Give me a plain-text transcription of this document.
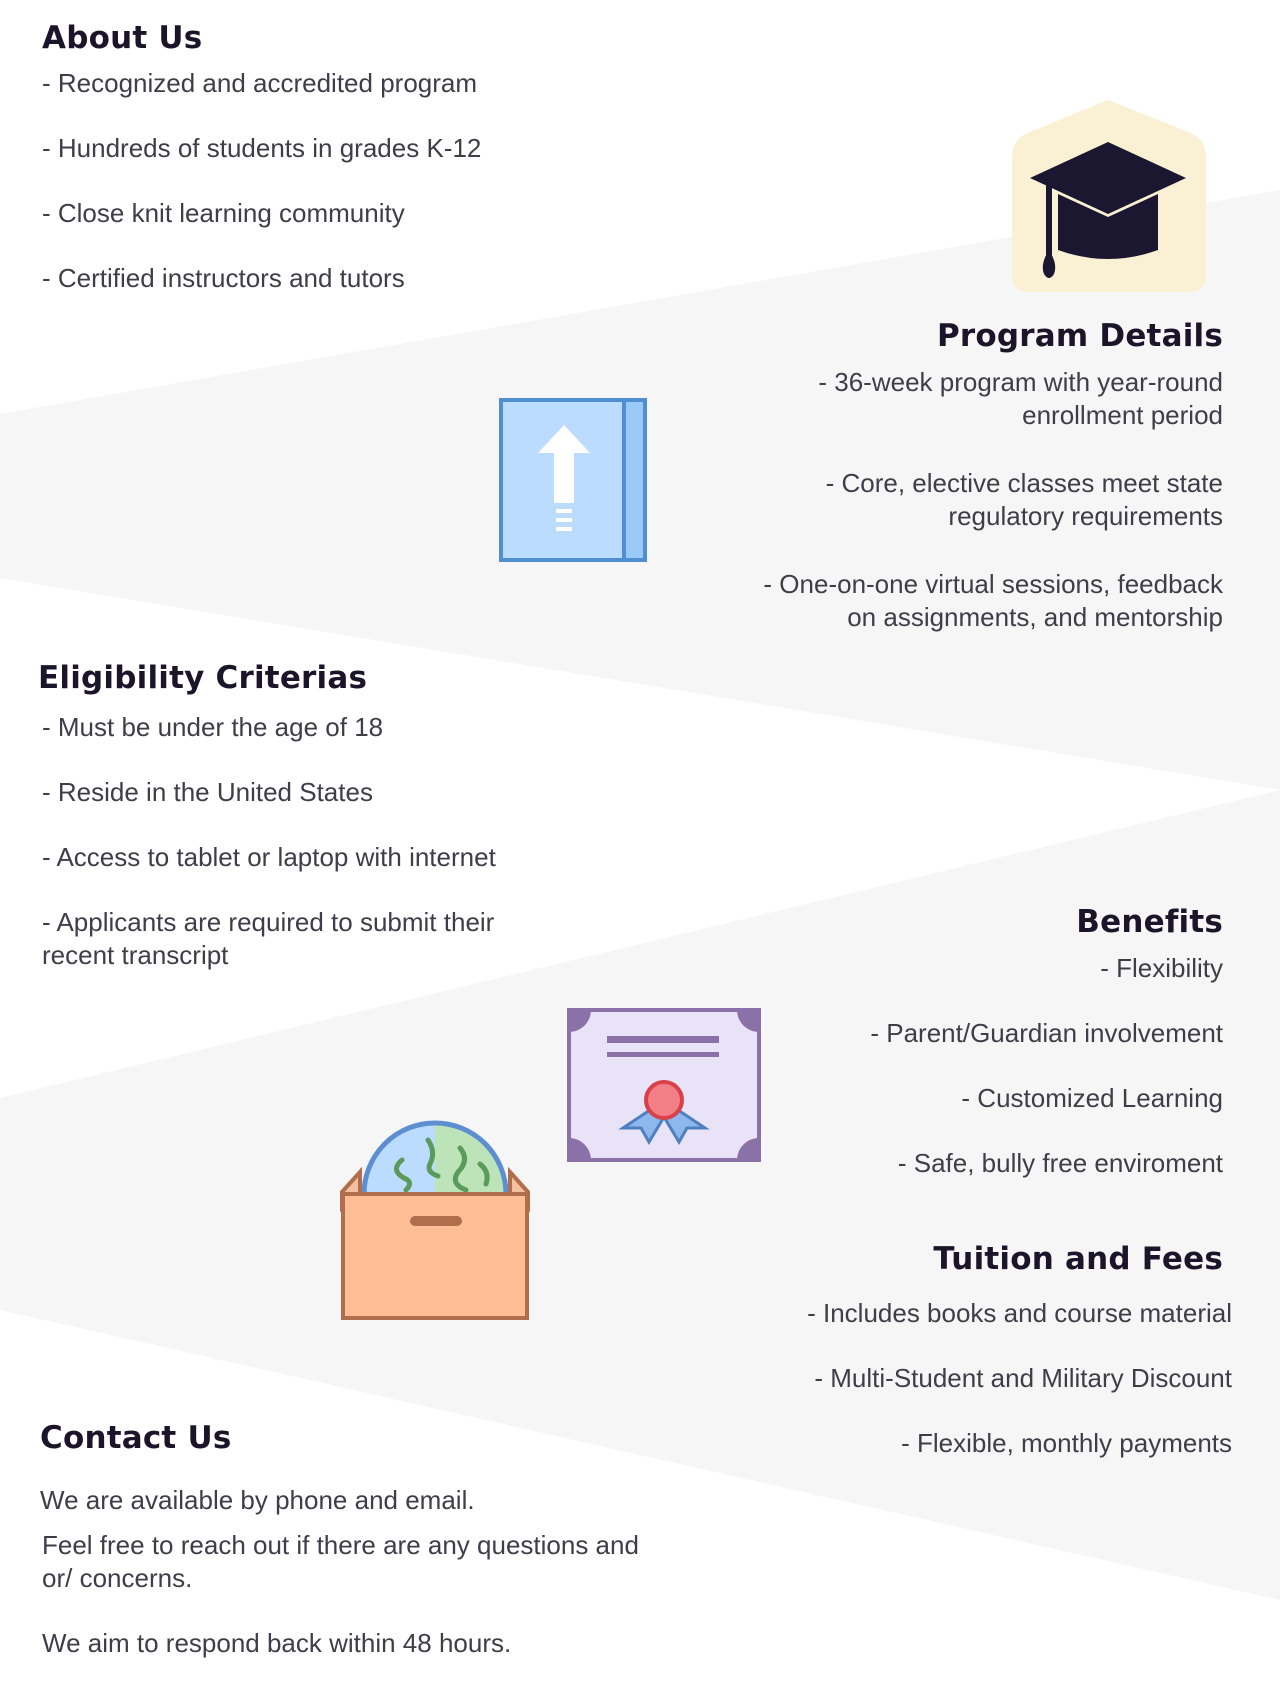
About Us
- Recognized and accredited program
- Hundreds of students in grades K-12
- Close knit learning community
- Certified instructors and tutors
Program Details
- 36-week program with year-round enrollment period
- Core, elective classes meet state regulatory requirements
- One-on-one virtual sessions, feedback on assignments, and mentorship
Eligibility Criterias
- Must be under the age of 18
- Reside in the United States
- Access to tablet or laptop with internet
- Applicants are required to submit their recent transcript
Benefits
- Flexibility
- Parent/Guardian involvement
- Customized Learning
- Safe, bully free enviroment
Tuition and Fees
- Includes books and course material
- Multi-Student and Military Discount
- Flexible, monthly payments
Contact Us

We are available by phone and email.

Feel free to reach out if there are any questions and or/ concerns.

We aim to respond back within 48 hours.
